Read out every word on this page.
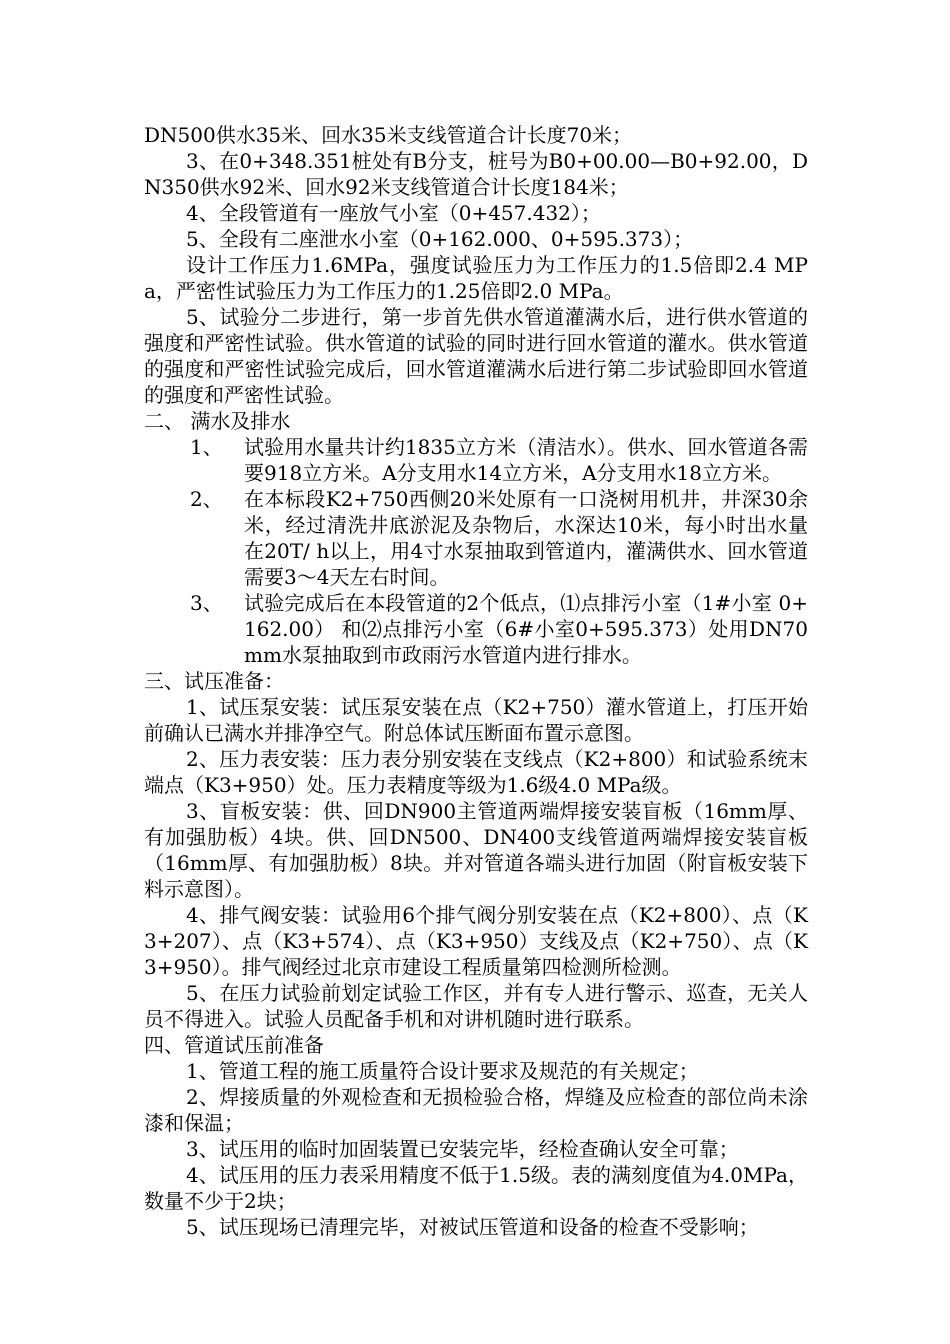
DN500供水35米、回水35米支线管道合计长度70米；

3、在0+348.351桩处有B分支，桩号为B0+00.00—B0+92.00，DN350供水92米、回水92米支线管道合计长度184米；

4、全段管道有一座放气小室（0+457.432）；

5、全段有二座泄水小室（0+162.000、0+595.373）；

设计工作压力1.6MPa，强度试验压力为工作压力的1.5倍即2.4 MPa，严密性试验压力为工作压力的1.25倍即2.0 MPa。

5、试验分二步进行，第一步首先供水管道灌满水后，进行供水管道的强度和严密性试验。供水管道的试验的同时进行回水管道的灌水。供水管道的强度和严密性试验完成后，回水管道灌满水后进行第二步试验即回水管道的强度和严密性试验。

二、 满水及排水

1、	试验用水量共计约1835立方米（清洁水）。供水、回水管道各需要918立方米。A分支用水14立方米，A分支用水18立方米。
2、	在本标段K2+750西侧20米处原有一口浇树用机井，井深30余米，经过清洗井底淤泥及杂物后，水深达10米，每小时出水量在20T/ h以上，用4寸水泵抽取到管道内，灌满供水、回水管道需要3～4天左右时间。
3、	试验完成后在本段管道的2个低点，⑴点排污小室（1#小室 0+162.00） 和⑵点排污小室（6#小室0+595.373）处用DN70mm水泵抽取到市政雨污水管道内进行排水。

三、试压准备：

1、试压泵安装：试压泵安装在点（K2+750）灌水管道上，打压开始前确认已满水并排净空气。附总体试压断面布置示意图。

2、压力表安装：压力表分别安装在支线点（K2+800）和试验系统末端点（K3+950）处。压力表精度等级为1.6级4.0 MPa级。

3、盲板安装：供、回DN900主管道两端焊接安装盲板（16mm厚、有加强肋板）4块。供、回DN500、DN400支线管道两端焊接安装盲板（16mm厚、有加强肋板）8块。并对管道各端头进行加固（附盲板安装下料示意图）。

4、排气阀安装：试验用6个排气阀分别安装在点（K2+800）、点（K3+207）、点（K3+574）、点（K3+950）支线及点（K2+750）、点（K3+950）。排气阀经过北京市建设工程质量第四检测所检测。

5、在压力试验前划定试验工作区，并有专人进行警示、巡查，无关人员不得进入。试验人员配备手机和对讲机随时进行联系。

四、管道试压前准备

1、管道工程的施工质量符合设计要求及规范的有关规定；

2、焊接质量的外观检查和无损检验合格，焊缝及应检查的部位尚未涂漆和保温；

3、试压用的临时加固装置已安装完毕，经检查确认安全可靠；

4、试压用的压力表采用精度不低于1.5级。表的满刻度值为4.0MPa，数量不少于2块；

5、试压现场已清理完毕，对被试压管道和设备的检查不受影响；
